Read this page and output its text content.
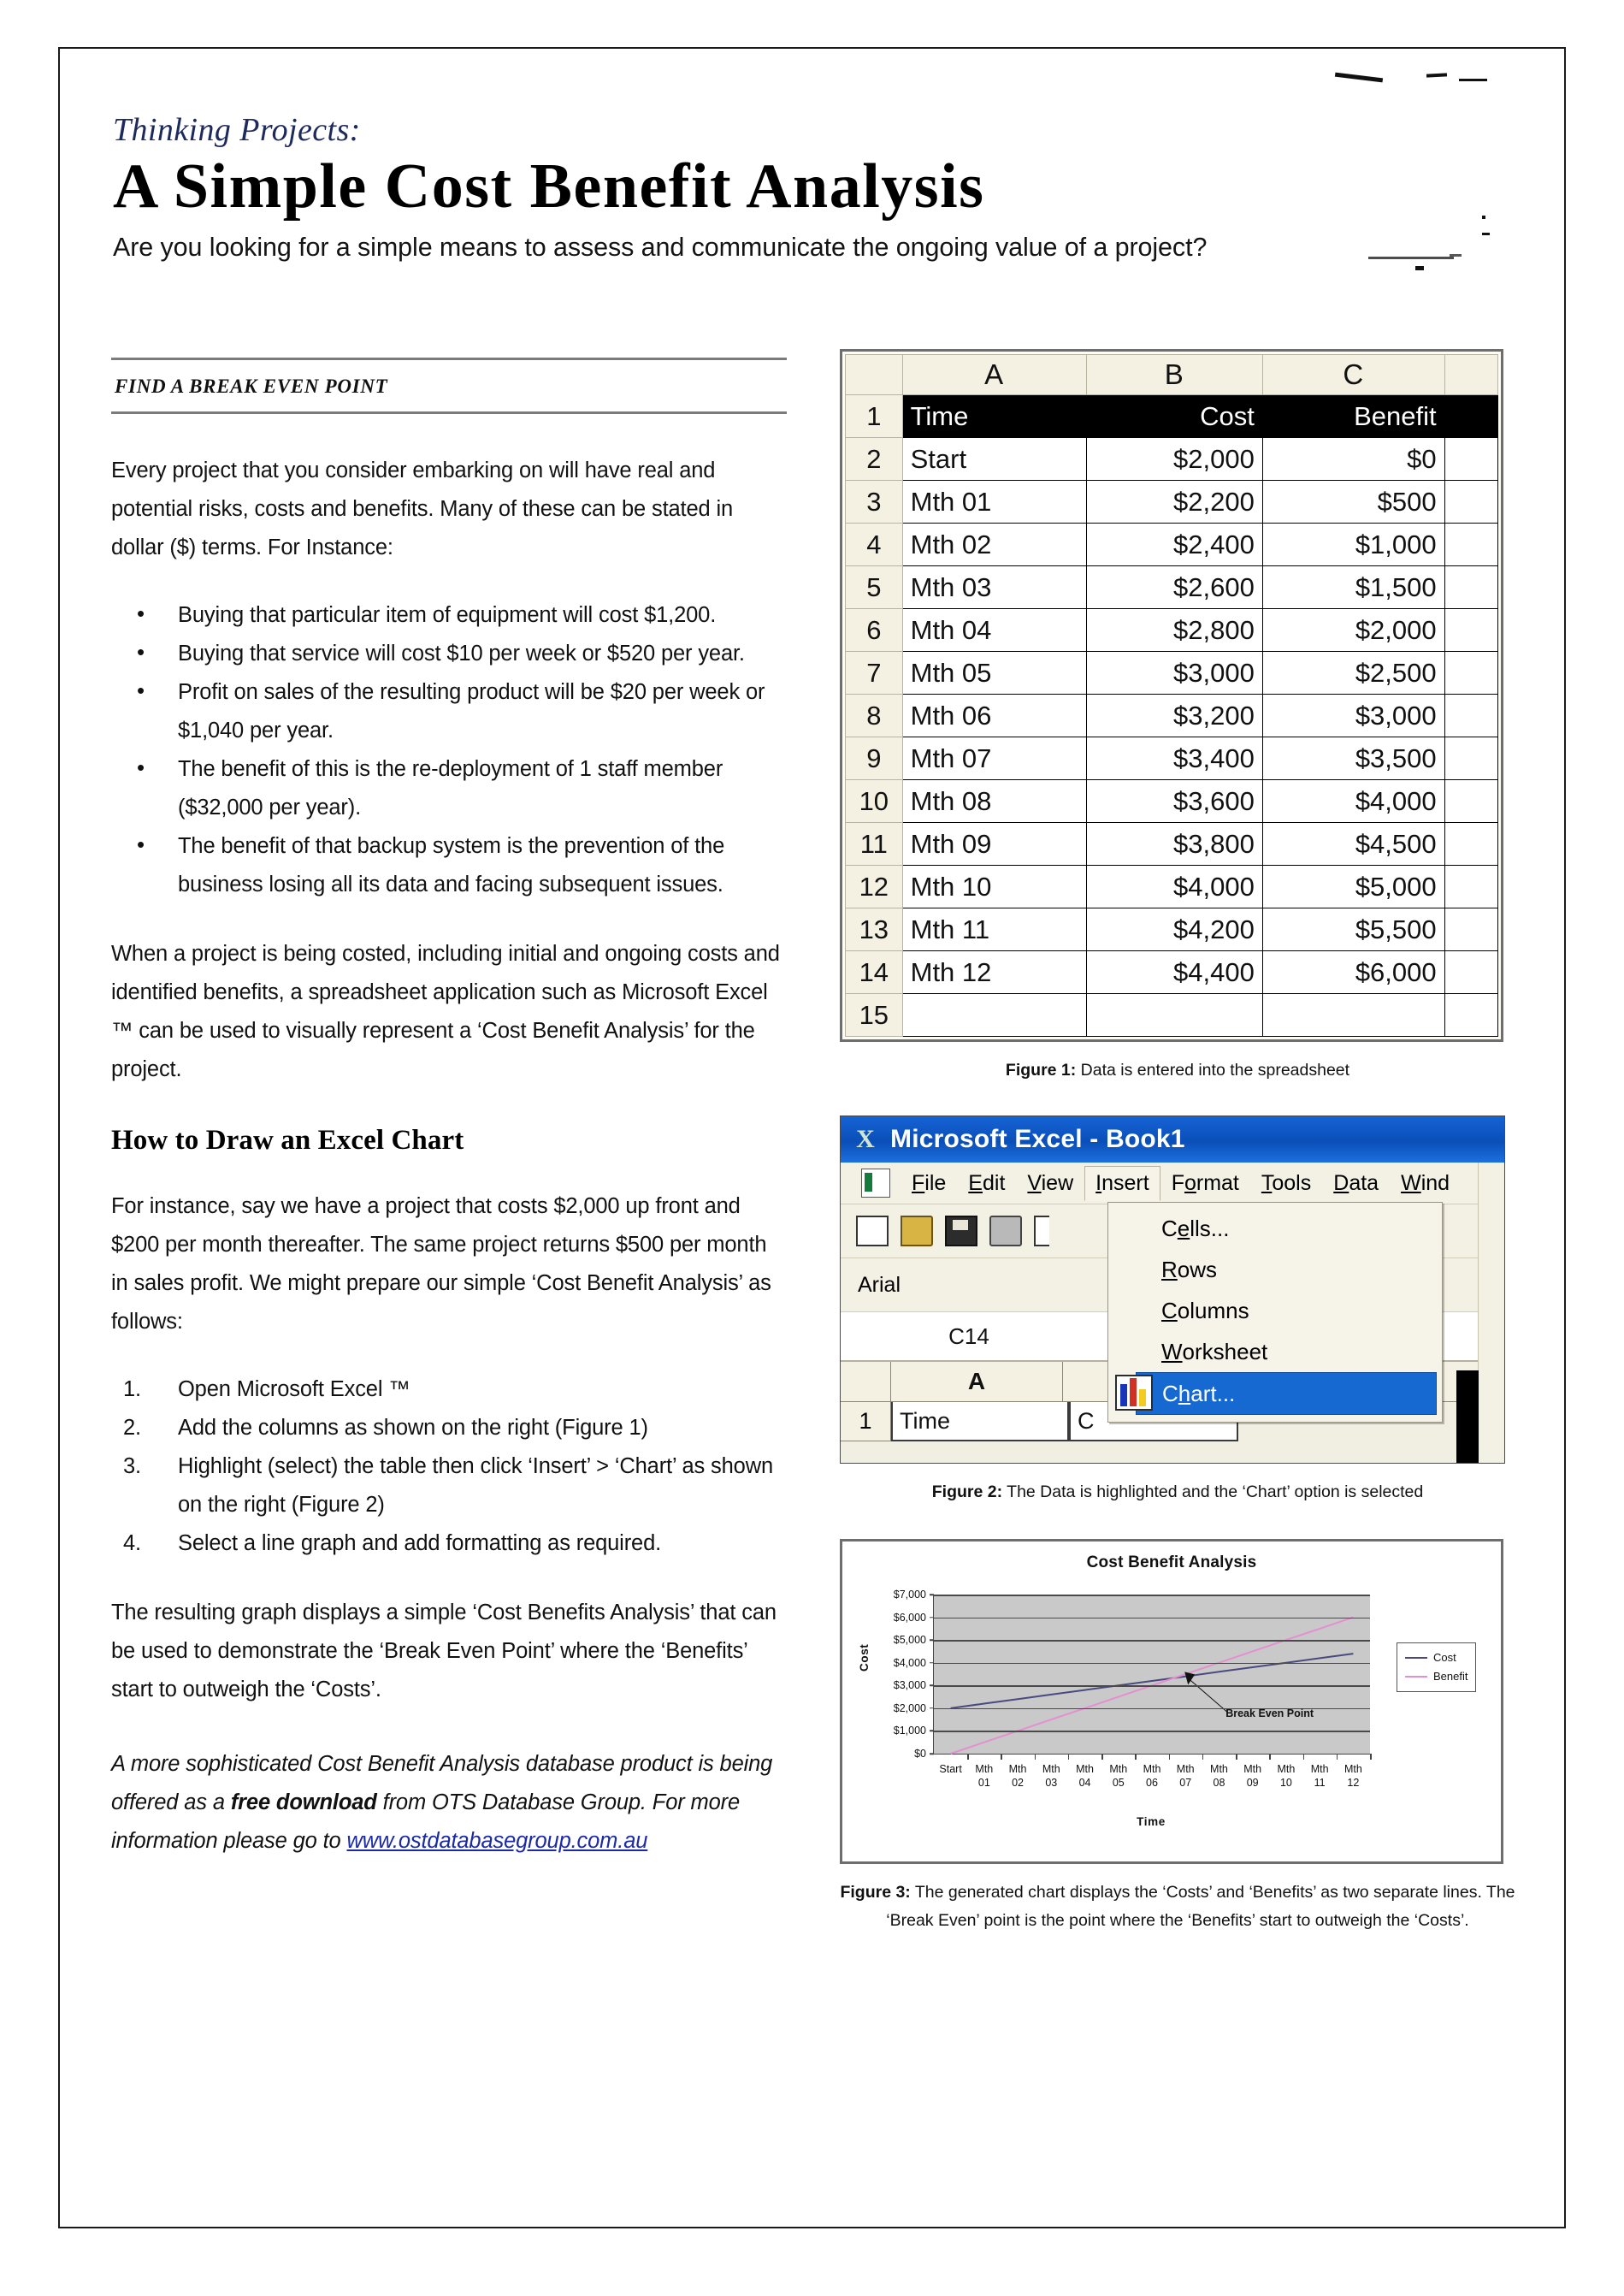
Thinking Projects:

A Simple Cost Benefit Analysis

Are you looking for a simple means to assess and communicate the ongoing value of a project?

FIND A BREAK EVEN POINT

Every project that you consider embarking on will have real and potential risks, costs and benefits. Many of these can be stated in dollar ($) terms. For Instance:

• Buying that particular item of equipment will cost $1,200.
• Buying that service will cost $10 per week or $520 per year.
• Profit on sales of the resulting product will be $20 per week or $1,040 per year.
• The benefit of this is the re-deployment of 1 staff member ($32,000 per year).
• The benefit of that backup system is the prevention of the business losing all its data and facing subsequent issues.

When a project is being costed, including initial and ongoing costs and identified benefits, a spreadsheet application such as Microsoft Excel ™ can be used to visually represent a ‘Cost Benefit Analysis’ for the project.

How to Draw an Excel Chart

For instance, say we have a project that costs $2,000 up front and $200 per month thereafter. The same project returns $500 per month in sales profit. We might prepare our simple ‘Cost Benefit Analysis’ as follows:

Open Microsoft Excel ™
Add the columns as shown on the right (Figure 1)
Highlight (select) the table then click ‘Insert’ > ‘Chart’ as shown on the right (Figure 2)
Select a line graph and add formatting as required.

The resulting graph displays a simple ‘Cost Benefits Analysis’ that can be used to demonstrate the ‘Break Even Point’ where the ‘Benefits’ start to outweigh the ‘Costs’.

A more sophisticated Cost Benefit Analysis database product is being offered as a free download from OTS Database Group. For more information please go to www.ostdatabasegroup.com.au

	A	B	C	
1	Time	Cost	Benefit	
2	Start	$2,000	$0	
3	Mth 01	$2,200	$500	
4	Mth 02	$2,400	$1,000	
5	Mth 03	$2,600	$1,500	
6	Mth 04	$2,800	$2,000	
7	Mth 05	$3,000	$2,500	
8	Mth 06	$3,200	$3,000	
9	Mth 07	$3,400	$3,500	
10	Mth 08	$3,600	$4,000	
11	Mth 09	$3,800	$4,500	
12	Mth 10	$4,000	$5,000	
13	Mth 11	$4,200	$5,500	
14	Mth 12	$4,400	$6,000	
15				

Figure 1: Data is entered into the spreadsheet

X Microsoft Excel - Book1
File	Edit	View	Insert	Format	Tools	Data	Wind
Arial
C14
A
1	Time	C
C e lls...
R ows
C olumns
W orksheet
C h art...

Figure 2: The Data is highlighted and the ‘Chart’ option is selected

Cost Benefit Analysis
Cost
Start	Mth
01
Mth
02
Mth
03
Mth
04
Mth
05
Mth
06
Mth
07
Mth
08
Mth
09
Mth
10
Mth
11
Mth
12
$0
$1,000
$2,000
$3,000
$4,000
$5,000
$6,000
$7,000
Time
Cost
Benefit
Break Even Point

Figure 3: The generated chart displays the ‘Costs’ and ‘Benefits’ as two separate lines. The ‘Break Even’ point is the point where the ‘Benefits’ start to outweigh the ‘Costs’.
